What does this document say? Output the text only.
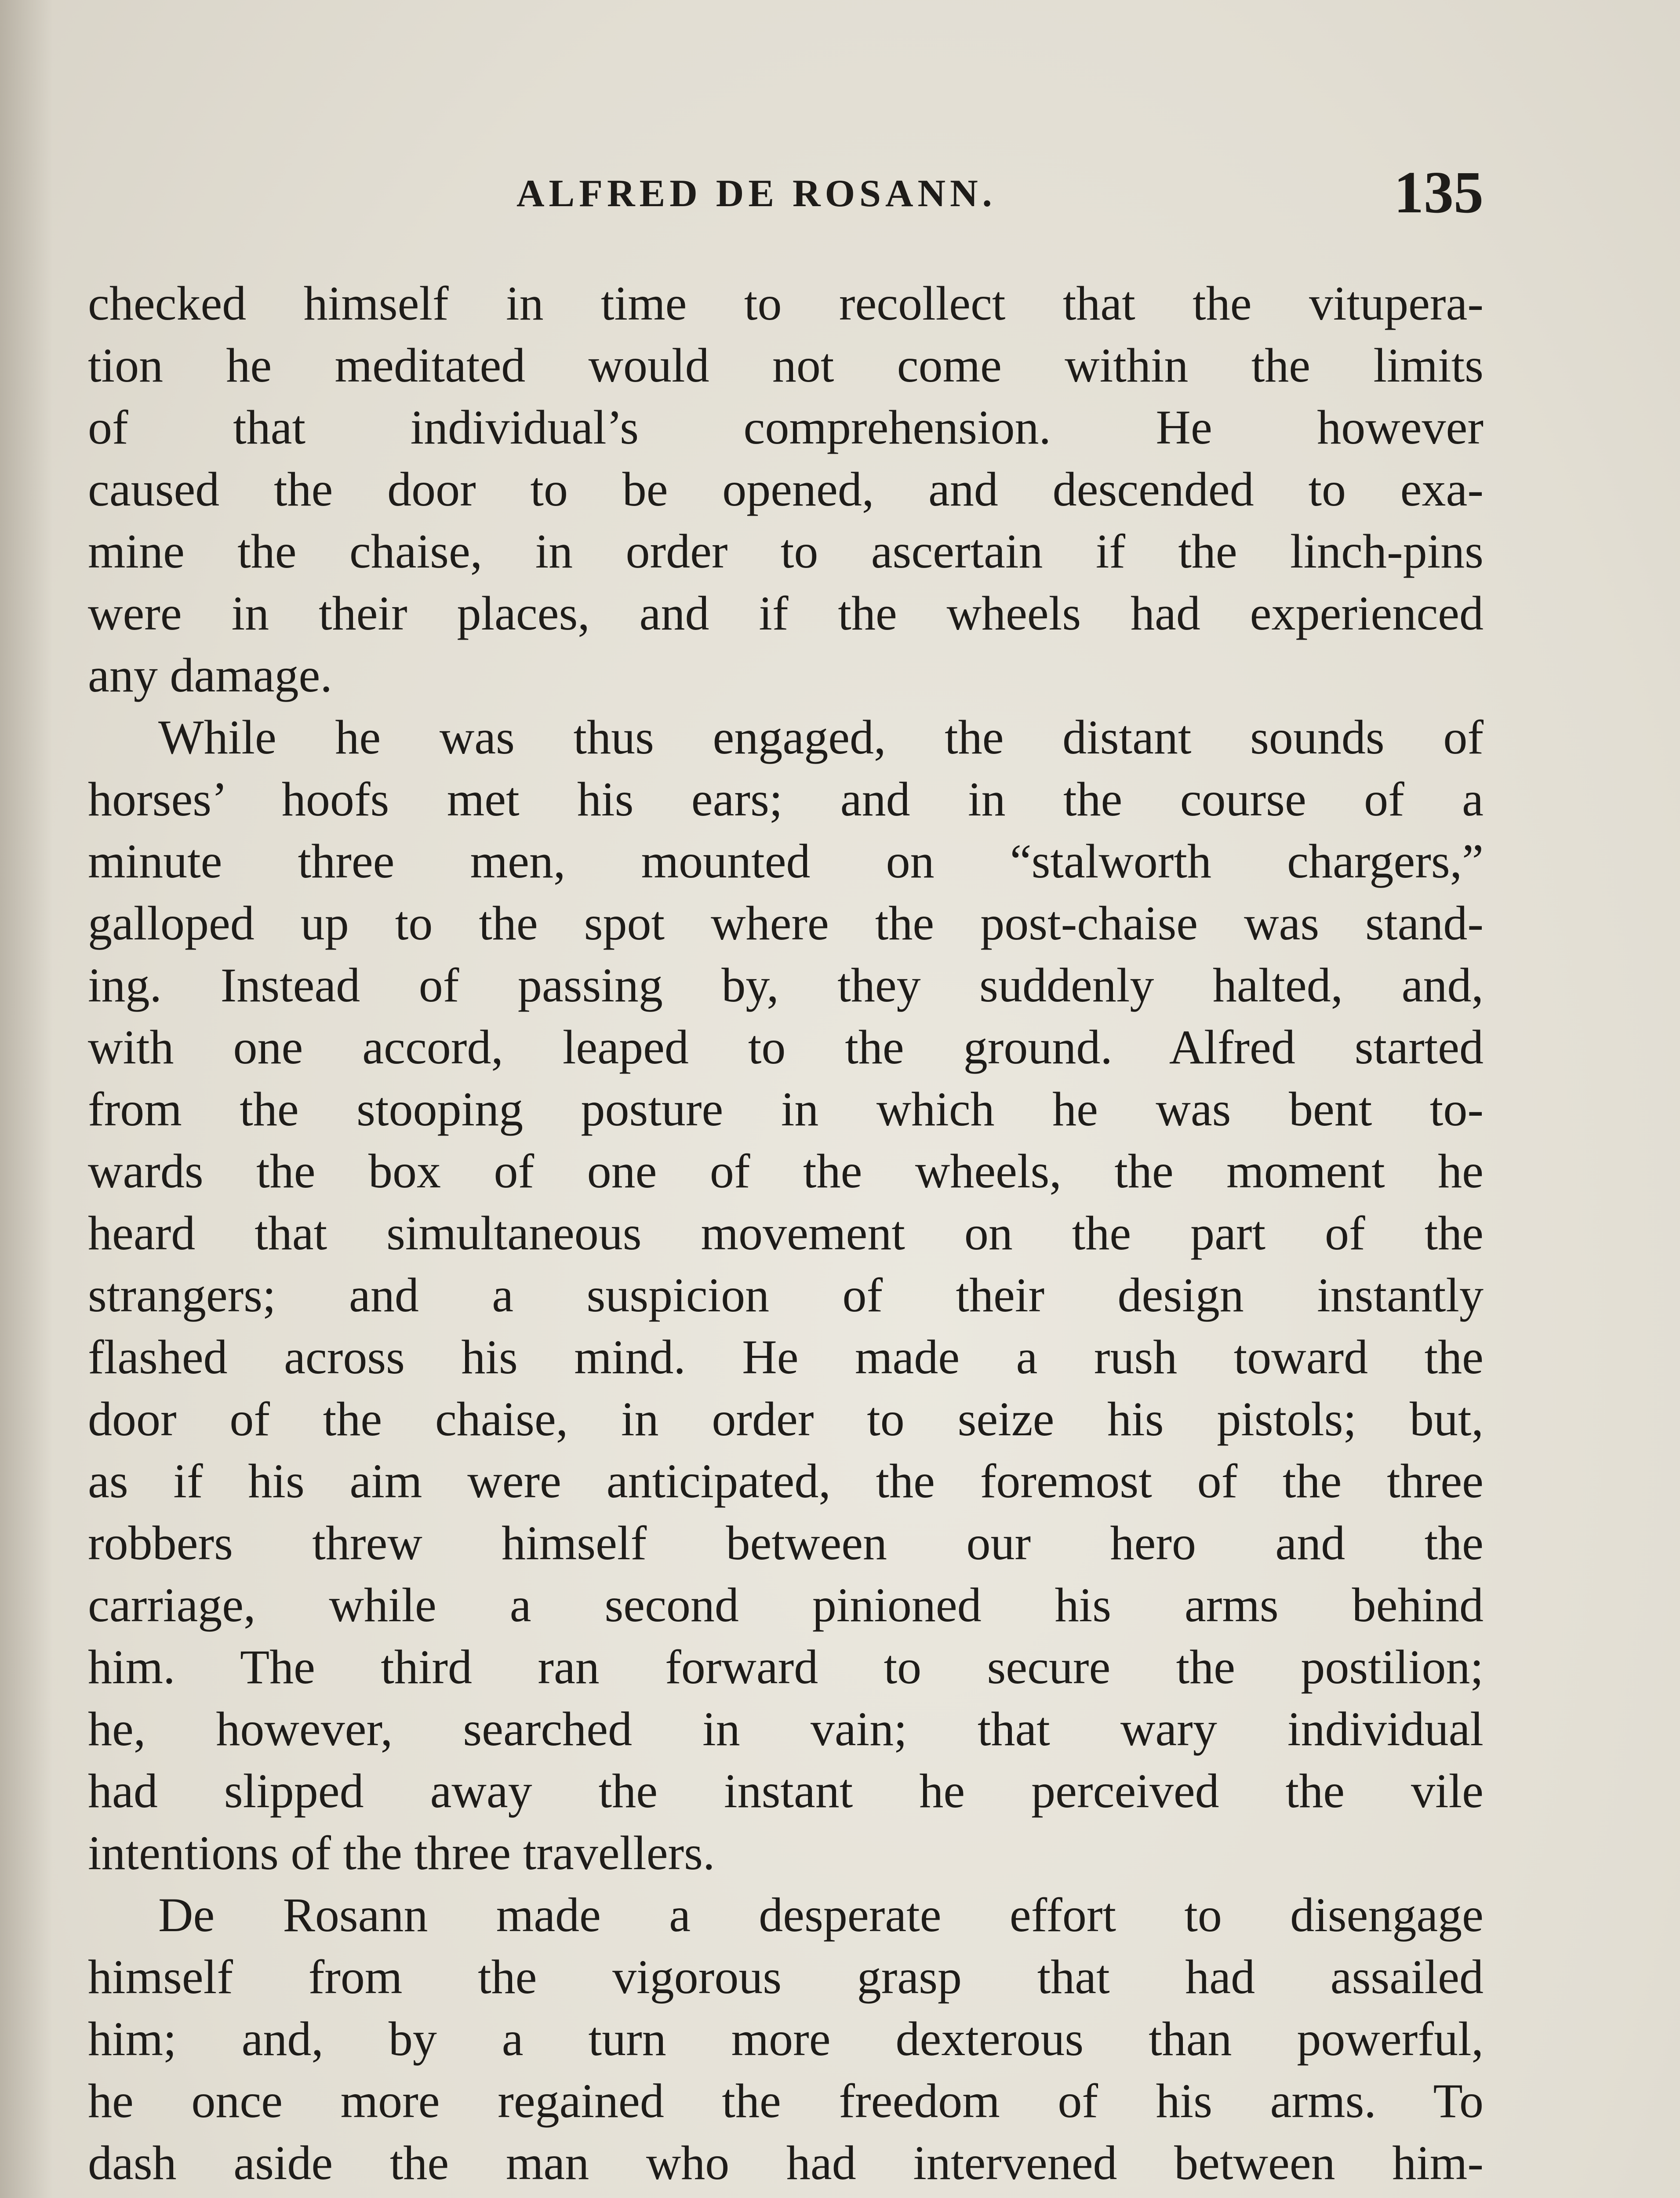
ALFRED DE ROSANN.	135
checked himself in time to recollect that the vitupera-
tion he meditated would not come within the limits
of that individual’s comprehension. He however
caused the door to be opened, and descended to exa-
mine the chaise, in order to ascertain if the linch-pins
were in their places, and if the wheels had experienced
any damage.
While he was thus engaged, the distant sounds of
horses’ hoofs met his ears; and in the course of a
minute three men, mounted on “stalworth chargers,”
galloped up to the spot where the post-chaise was stand-
ing. Instead of passing by, they suddenly halted, and,
with one accord, leaped to the ground. Alfred started
from the stooping posture in which he was bent to-
wards the box of one of the wheels, the moment he
heard that simultaneous movement on the part of the
strangers; and a suspicion of their design instantly
flashed across his mind. He made a rush toward the
door of the chaise, in order to seize his pistols; but,
as if his aim were anticipated, the foremost of the three
robbers threw himself between our hero and the
carriage, while a second pinioned his arms behind
him. The third ran forward to secure the postilion;
he, however, searched in vain; that wary individual
had slipped away the instant he perceived the vile
intentions of the three travellers.
De Rosann made a desperate effort to disengage
himself from the vigorous grasp that had assailed
him; and, by a turn more dexterous than powerful,
he once more regained the freedom of his arms. To
dash aside the man who had intervened between him-
